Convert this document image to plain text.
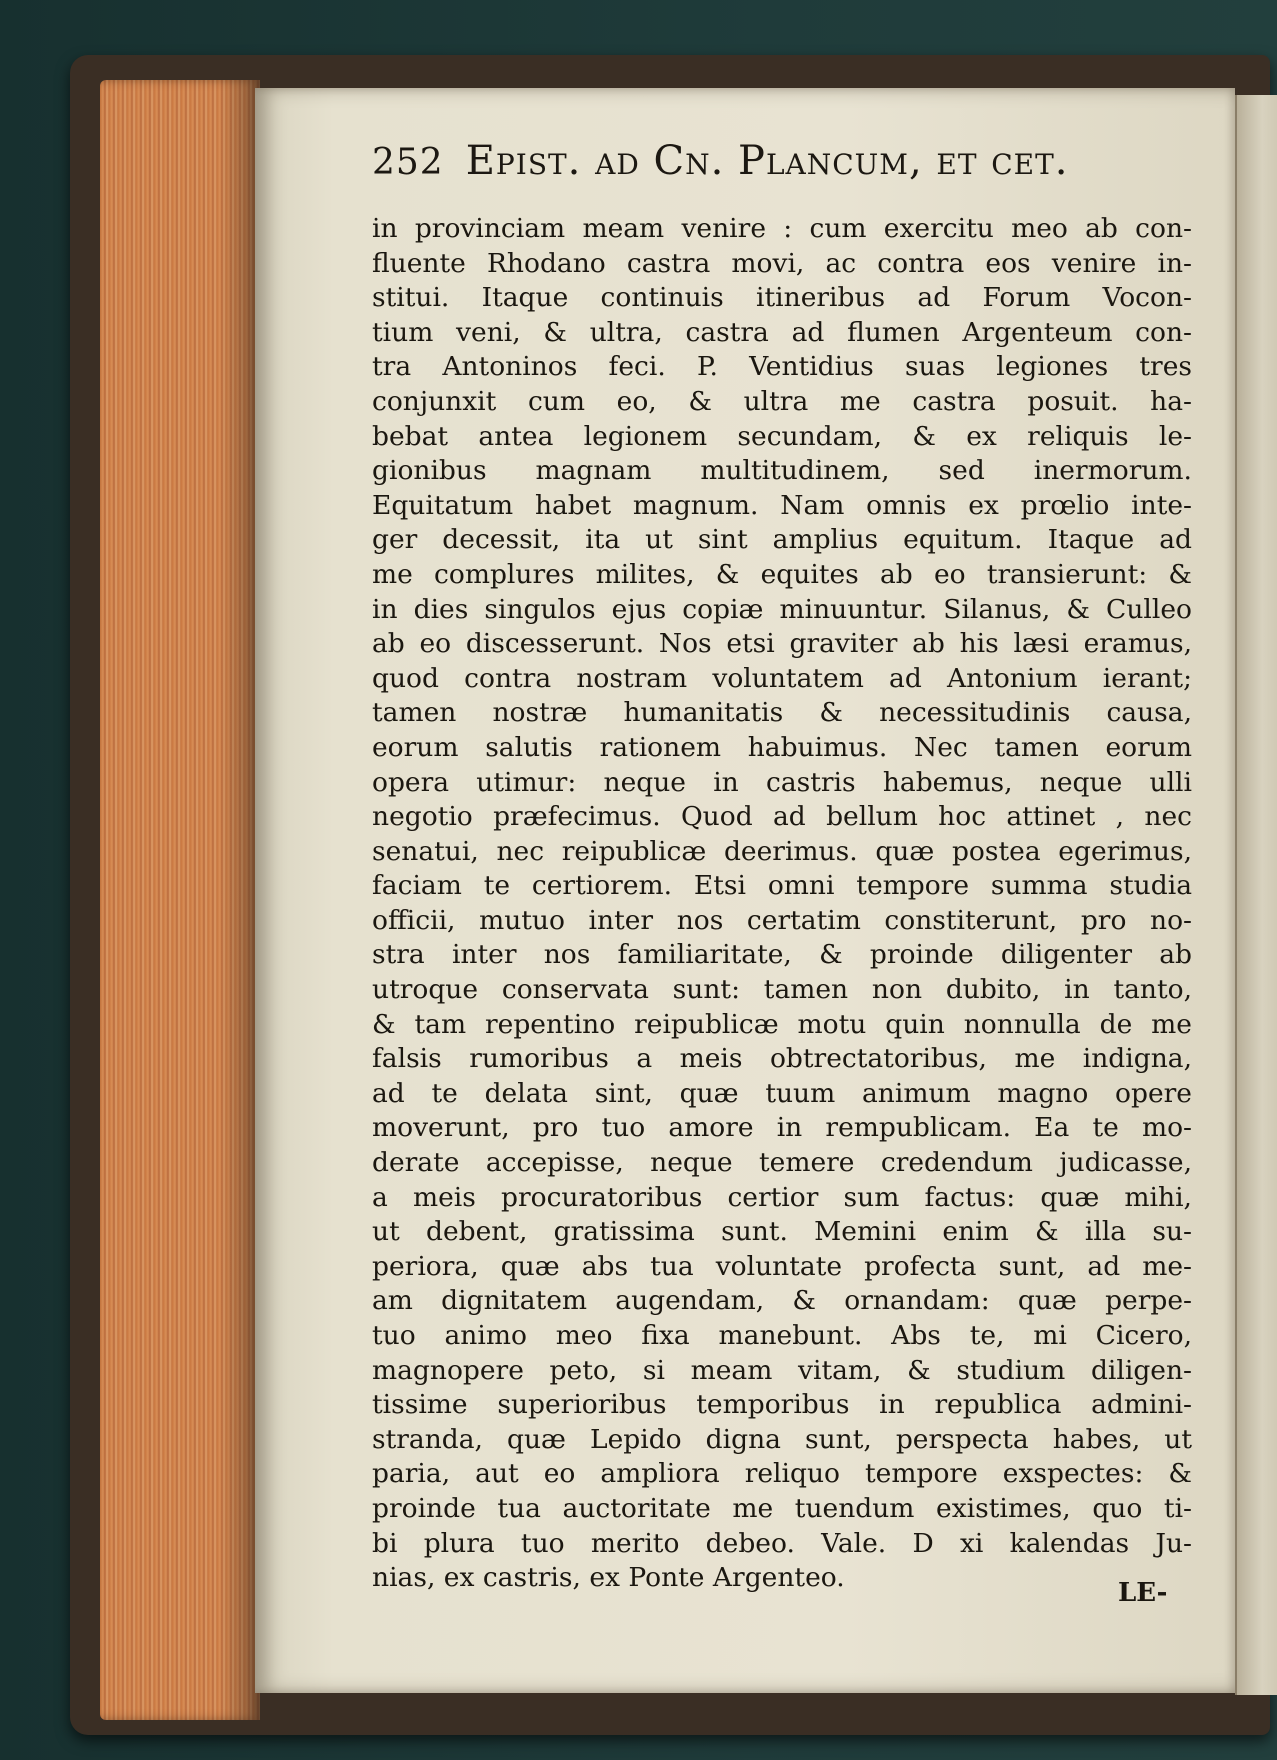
252 Epist. ad Cn. Plancum, et cet.
in provinciam meam venire : cum exercitu meo ab con-
fluente Rhodano castra movi, ac contra eos venire in-
stitui. Itaque continuis itineribus ad Forum Vocon-
tium veni, & ultra, castra ad flumen Argenteum con-
tra Antoninos feci. P. Ventidius suas legiones tres
conjunxit cum eo, & ultra me castra posuit. ha-
bebat antea legionem secundam, & ex reliquis le-
gionibus magnam multitudinem, sed inermorum.
Equitatum habet magnum. Nam omnis ex prœlio inte-
ger decessit, ita ut sint amplius equitum. Itaque ad
me complures milites, & equites ab eo transierunt: &
in dies singulos ejus copiæ minuuntur. Silanus, & Culleo
ab eo discesserunt. Nos etsi graviter ab his læsi eramus,
quod contra nostram voluntatem ad Antonium ierant;
tamen nostræ humanitatis & necessitudinis causa,
eorum salutis rationem habuimus. Nec tamen eorum
opera utimur: neque in castris habemus, neque ulli
negotio præfecimus. Quod ad bellum hoc attinet , nec
senatui, nec reipublicæ deerimus. quæ postea egerimus,
faciam te certiorem. Etsi omni tempore summa studia
officii, mutuo inter nos certatim constiterunt, pro no-
stra inter nos familiaritate, & proinde diligenter ab
utroque conservata sunt: tamen non dubito, in tanto,
& tam repentino reipublicæ motu quin nonnulla de me
falsis rumoribus a meis obtrectatoribus, me indigna,
ad te delata sint, quæ tuum animum magno opere
moverunt, pro tuo amore in rempublicam. Ea te mo-
derate accepisse, neque temere credendum judicasse,
a meis procuratoribus certior sum factus: quæ mihi,
ut debent, gratissima sunt. Memini enim & illa su-
periora, quæ abs tua voluntate profecta sunt, ad me-
am dignitatem augendam, & ornandam: quæ perpe-
tuo animo meo fixa manebunt. Abs te, mi Cicero,
magnopere peto, si meam vitam, & studium diligen-
tissime superioribus temporibus in republica admini-
stranda, quæ Lepido digna sunt, perspecta habes, ut
paria, aut eo ampliora reliquo tempore exspectes: &
proinde tua auctoritate me tuendum existimes, quo ti-
bi plura tuo merito debeo. Vale. D xi kalendas Ju-
nias, ex castris, ex Ponte Argenteo.	LE-
